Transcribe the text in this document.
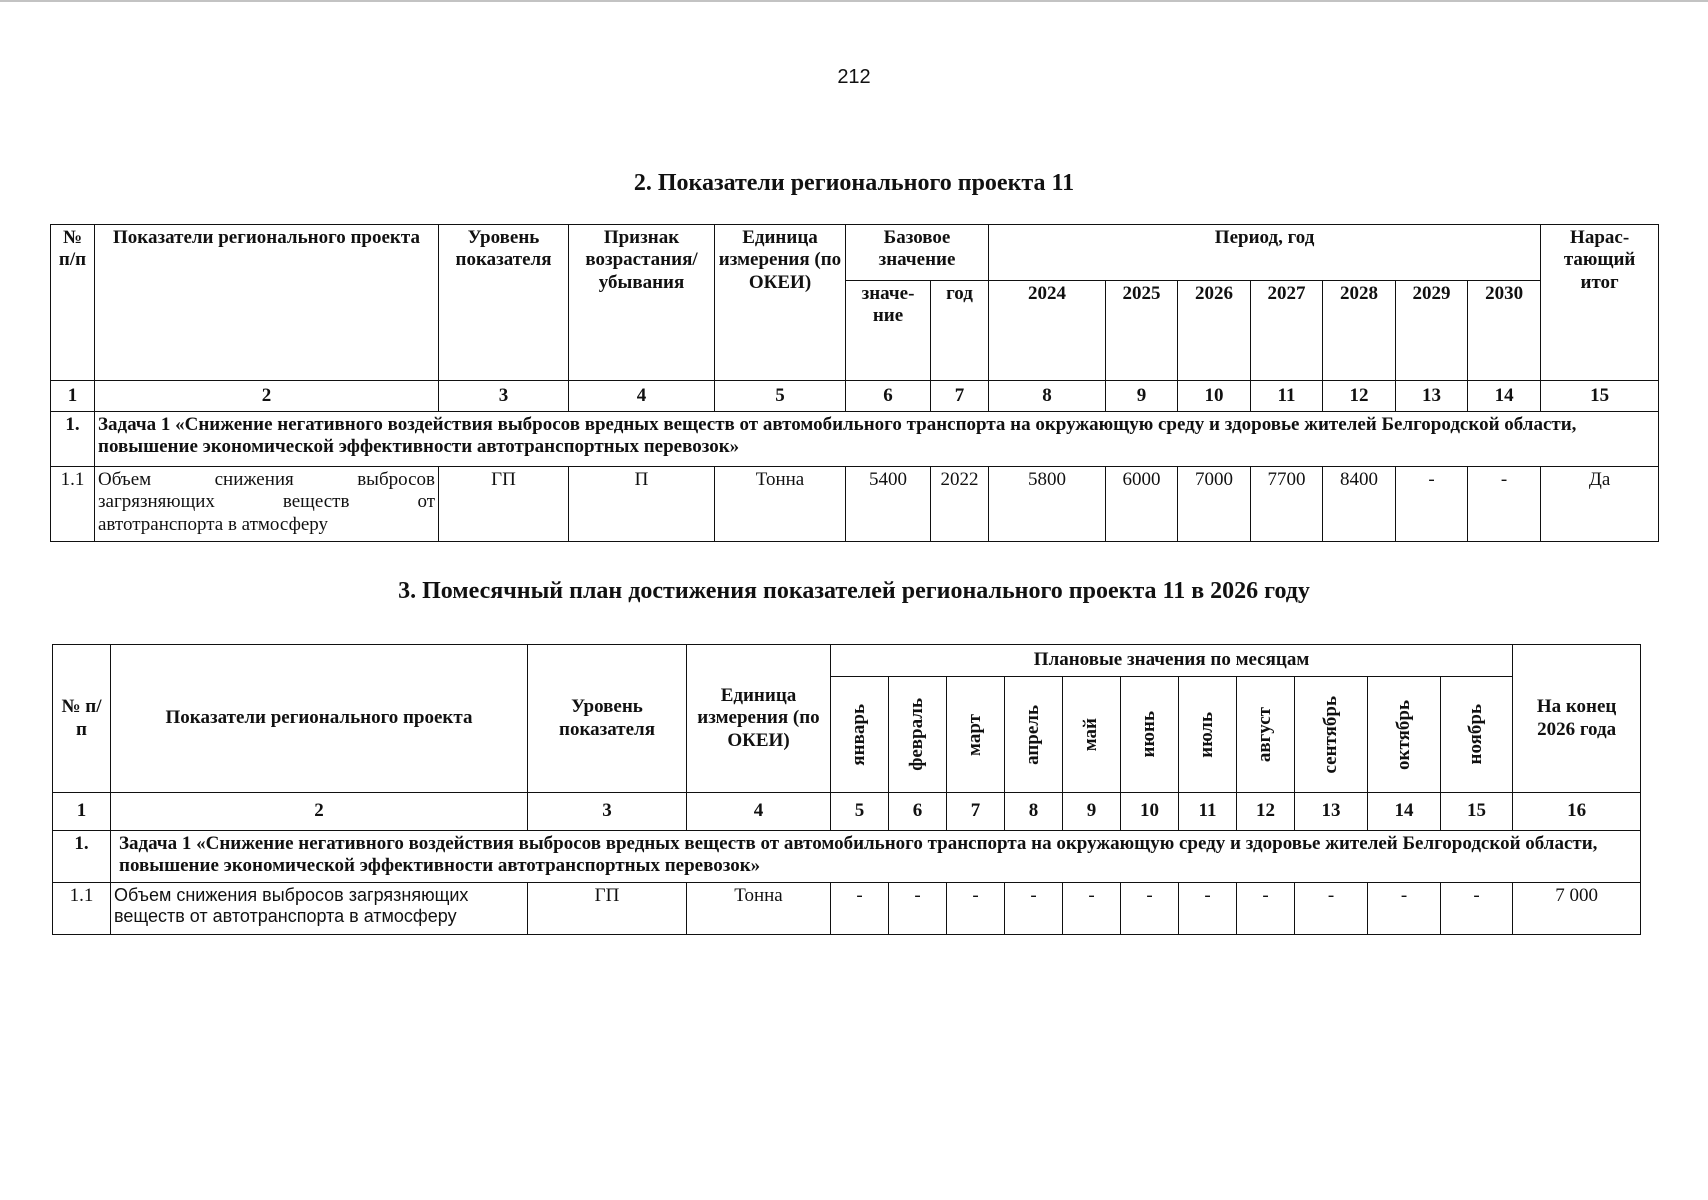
212
2. Показатели регионального проекта 11
№ п/п	Показатели регионального проекта	Уровень показателя	Признак возрастания/ убывания	Единица измерения (по ОКЕИ)	Базовое значение		Период, год							Нарас-тающий итог
					значе-ние	год	2024	2025	2026	2027	2028	2029	2030	
1	2	3	4	5	6	7	8	9	10	11	12	13	14	15
1.	Задача 1 «Снижение негативного воздействия выбросов вредных веществ от автомобильного транспорта на окружающую среду и здоровье жителей Белгородской области, повышение экономической эффективности автотранспортных перевозок»													
1.1	Объем снижения выбросов загрязняющих веществ от автотранспорта в атмосферу	ГП	П	Тонна	5400	2022	5800	6000	7000	7700	8400	-	-	Да
3. Помесячный план достижения показателей регионального проекта 11 в 2026 году
№ п/п	Показатели регионального проекта	Уровень показателя	Единица измерения (по ОКЕИ)	Плановые значения по месяцам											На конец 2026 года

				январь	февраль	март	апрель	май	июнь	июль	август	сентябрь	октябрь	ноябрь	

1	2	3	4	5	6	7	8	9	10	11	12	13	14	15	16
1.	Задача 1 «Снижение негативного воздействия выбросов вредных веществ от автомобильного транспорта на окружающую среду и здоровье жителей Белгородской области, повышение экономической эффективности автотранспортных перевозок»														
1.1	Объем снижения выбросов загрязняющих веществ от автотранспорта в атмосферу	ГП	Тонна	-	-	-	-	-	-	-	-	-	-	-	7 000
